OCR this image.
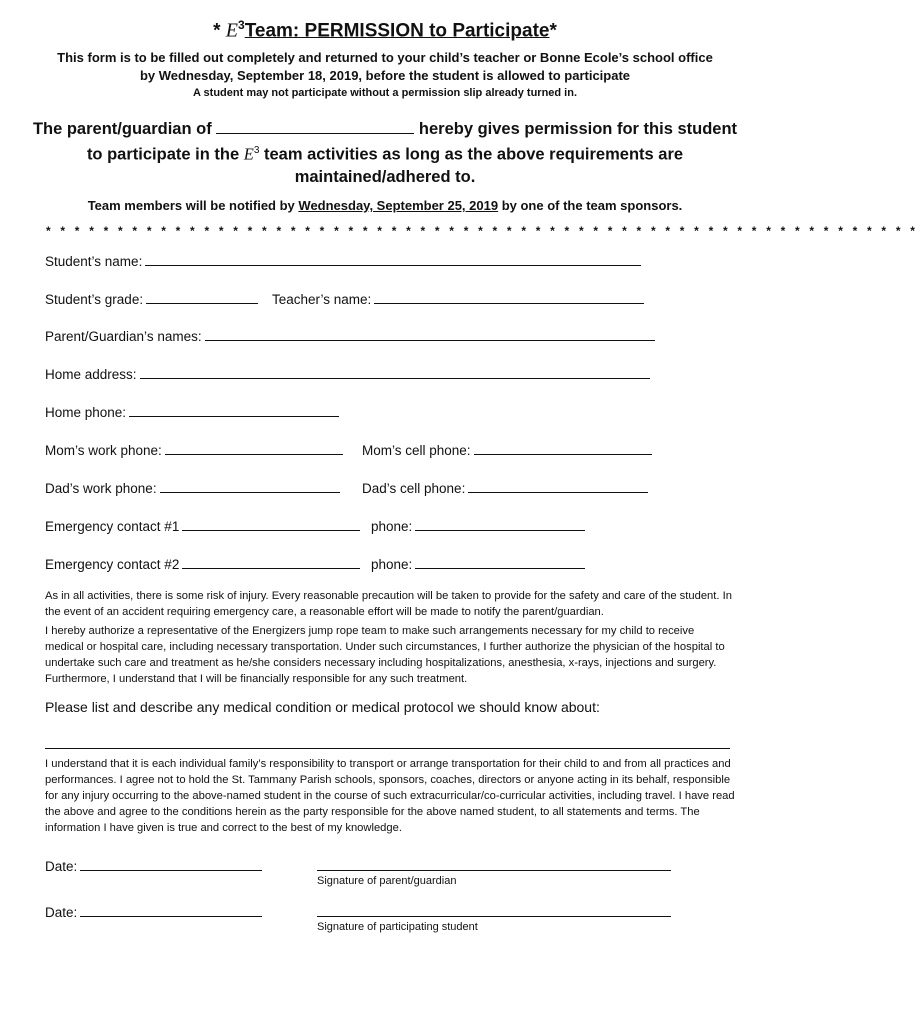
* $E^3Team$: PERMISSION to Participate*
This form is to be filled out completely and returned to your child’s teacher or Bonne Ecole’s school office
by Wednesday, September 18, 2019, before the student is allowed to participate
A student may not participate without a permission slip already turned in.
The parent/guardian of	hereby gives permission for this student
to participate in the $E^3$ team activities as long as the above requirements are
maintained/adhered to.
Team members will be notified by Wednesday, September 25, 2019 by one of the team sponsors.
* * * * * * * * * * * * * * * * * * * * * * * * * * * * * * * * * * * * * * * * * * * * * * * * * * * * * * * * * * * * *
Student’s name:
Student’s grade:	Teacher’s name:
Parent/Guardian’s names:
Home address:
Home phone:
Mom’s work phone:	Mom’s cell phone:
Dad’s work phone:	Dad’s cell phone:
Emergency contact #1	phone:
Emergency contact #2	phone:
As in all activities, there is some risk of injury. Every reasonable precaution will be taken to provide for the safety and care of the student. In the event of an accident requiring emergency care, a reasonable effort will be made to notify the parent/guardian.
I hereby authorize a representative of the Energizers jump rope team to make such arrangements necessary for my child to receive medical or hospital care, including necessary transportation. Under such circumstances, I further authorize the physician of the hospital to undertake such care and treatment as he/she considers necessary including hospitalizations, anesthesia, x-rays, injections and surgery. Furthermore, I understand that I will be financially responsible for any such treatment.
Please list and describe any medical condition or medical protocol we should know about:
I understand that it is each individual family’s responsibility to transport or arrange transportation for their child to and from all practices and performances. I agree not to hold the St. Tammany Parish schools, sponsors, coaches, directors or anyone acting in its behalf, responsible for any injury occurring to the above-named student in the course of such extracurricular/co-curricular activities, including travel. I have read the above and agree to the conditions herein as the party responsible for the above named student, to all statements and terms. The information I have given is true and correct to the best of my knowledge.
Date:
Signature of parent/guardian
Date:
Signature of participating student
